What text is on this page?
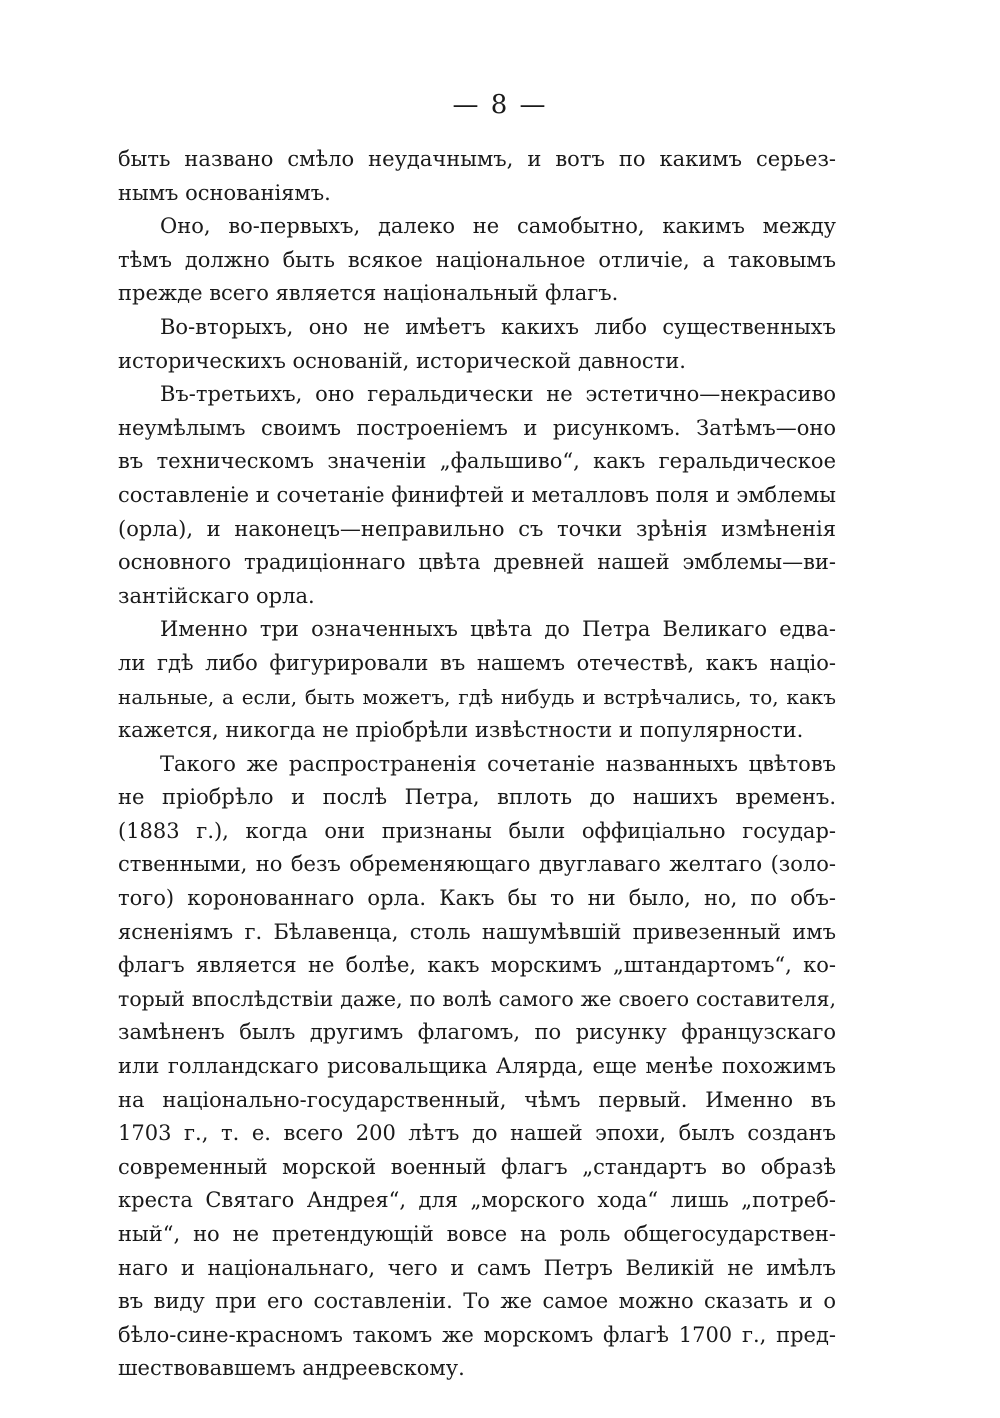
— 8 —
быть названо смѣло неудачнымъ, и вотъ по какимъ серьез-
нымъ основаніямъ.
Оно, во-первыхъ, далеко не самобытно, какимъ между
тѣмъ должно быть всякое національное отличіе, а таковымъ
прежде всего является національный флагъ.
Во-вторыхъ, оно не имѣетъ какихъ либо существенныхъ
историческихъ основаній, исторической давности.
Въ-третьихъ, оно геральдически не эстетично—некрасиво
неумѣлымъ своимъ построеніемъ и рисункомъ. Затѣмъ—оно
въ техническомъ значеніи „фальшиво“, какъ геральдическое
составленіе и сочетаніе финифтей и металловъ поля и эмблемы
(орла), и наконецъ—неправильно съ точки зрѣнія измѣненія
основного традиціоннаго цвѣта древней нашей эмблемы—ви-
зантійскаго орла.
Именно три означенныхъ цвѣта до Петра Великаго едва-
ли гдѣ либо фигурировали въ нашемъ отечествѣ, какъ націо-
нальные, а если, быть можетъ, гдѣ нибудь и встрѣчались, то, какъ
кажется, никогда не пріобрѣли извѣстности и популярности.
Такого же распространенія сочетаніе названныхъ цвѣтовъ
не пріобрѣло и послѣ Петра, вплоть до нашихъ временъ.
(1883 г.), когда они признаны были оффиціально государ-
ственными, но безъ обременяющаго двуглаваго желтаго (золо-
того) коронованнаго орла. Какъ бы то ни было, но, по объ-
ясненіямъ г. Бѣлавенца, столь нашумѣвшій привезенный имъ
флагъ является не болѣе, какъ морскимъ „штандартомъ“, ко-
торый впослѣдствіи даже, по волѣ самого же своего составителя,
замѣненъ былъ другимъ флагомъ, по рисунку французскаго
или голландскаго рисовальщика Алярда, еще менѣе похожимъ
на національно-государственный, чѣмъ первый. Именно въ
1703 г., т. е. всего 200 лѣтъ до нашей эпохи, былъ созданъ
современный морской военный флагъ „стандартъ во образѣ
креста Святаго Андрея“, для „морского хода“ лишь „потреб-
ный“, но не претендующій вовсе на роль общегосударствен-
наго и національнаго, чего и самъ Петръ Великій не имѣлъ
въ виду при его составленіи. То же самое можно сказать и о
бѣло-сине-красномъ такомъ же морскомъ флагѣ 1700 г., пред-
шествовавшемъ андреевскому.
